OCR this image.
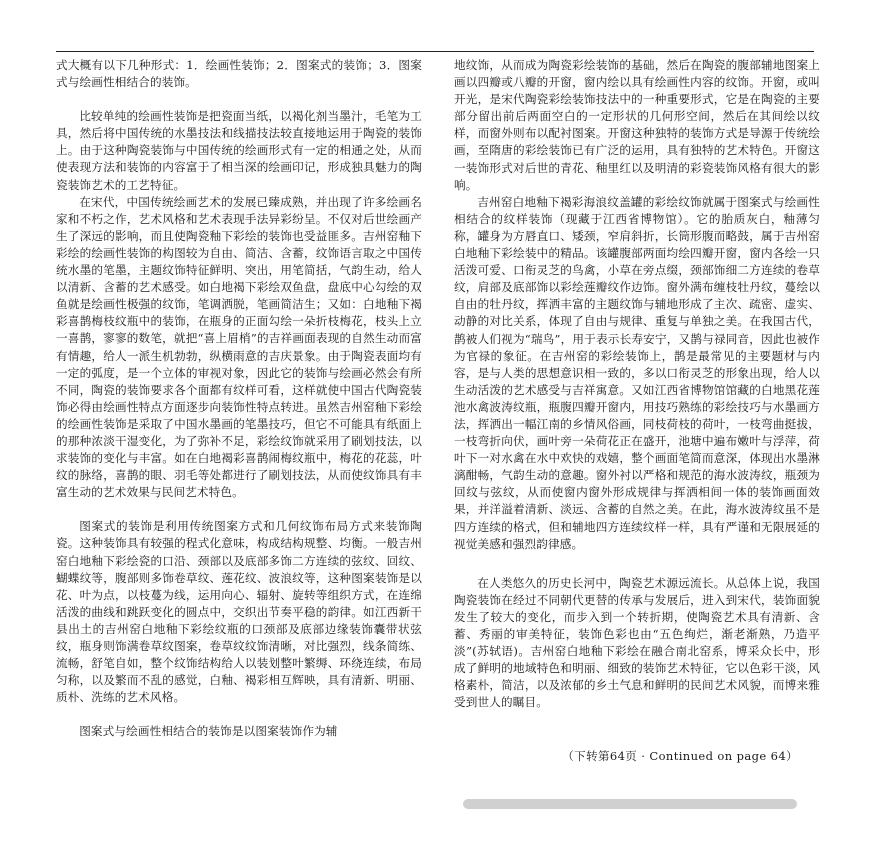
式大概有以下几种形式：1．绘画性装饰；2．图案式的装饰；3．图案式与绘画性相结合的装饰。

比较单纯的绘画性装饰是把瓷面当纸，以褐化剂当墨汁，毛笔为工具，然后将中国传统的水墨技法和线描技法较直接地运用于陶瓷的装饰上。由于这种陶瓷装饰与中国传统的绘画形式有一定的相通之处，从而使表现方法和装饰的内容富于了相当深的绘画印记，形成独具魅力的陶瓷装饰艺术的工艺特征。

在宋代，中国传统绘画艺术的发展已臻成熟，并出现了许多绘画名家和不朽之作，艺术风格和艺术表现手法异彩纷呈。不仅对后世绘画产生了深远的影响，而且使陶瓷釉下彩绘的装饰也受益匪多。吉州窑釉下彩绘的绘画性装饰的构图较为自由、简洁、含蓄，纹饰语言取之中国传统水墨的笔墨，主题纹饰特征鲜明、突出，用笔简括，气韵生动，给人以清新、含蓄的艺术感受。如白地褐下彩绘双鱼盘，盘底中心勾绘的双鱼就是绘画性极强的纹饰，笔调洒脱，笔画简洁生；又如：白地釉下褐彩喜鹊梅枝纹瓶中的装饰，在瓶身的正面勾绘一朵折枝梅花，枝头上立一喜鹊，寥寥的数笔，就把“喜上眉梢”的吉祥画面表现的自然生动而富有情趣，给人一派生机勃勃，纵横雨意的吉庆景象。由于陶瓷表面均有一定的弧度，是一个立体的审视对象，因此它的装饰与绘画必然会有所不同，陶瓷的装饰要求各个面都有纹样可看，这样就使中国古代陶瓷装饰必得由绘画性特点方面逐步向装饰性特点转进。虽然吉州窑釉下彩绘的绘画性装饰是采取了中国水墨画的笔墨技巧，但它不可能具有纸面上的那种浓淡干湿变化，为了弥补不足，彩绘纹饰就采用了刷划技法，以求装饰的变化与丰富。如在白地褐彩喜鹊闹梅纹瓶中，梅花的花蕊，叶纹的脉络，喜鹊的眼、羽毛等处都进行了刷划技法，从而使纹饰具有丰富生动的艺术效果与民间艺术特色。

图案式的装饰是利用传统图案方式和几何纹饰布局方式来装饰陶瓷。这种装饰具有较强的程式化意味，构成结构规整、均衡。一般吉州窑白地釉下彩绘瓷的口沿、颈部以及底部多饰二方连续的弦纹、回纹、蝴蝶纹等，腹部则多饰卷草纹、莲花纹、波浪纹等，这种图案装饰是以花、叶为点，以枝蔓为线，运用向心、辐射、旋转等组织方式，在连绵活泼的曲线和跳跃变化的圆点中，交织出节奏平稳的韵律。如江西新干县出土的吉州窑白地釉下彩绘纹瓶的口颈部及底部边缘装饰囊带状弦纹，瓶身则饰满卷草纹图案，卷草纹纹饰清晰，对比强烈，线条简练、流畅，舒笔自如，整个纹饰结构给人以装划整叶繁缛、环绕连续，布局匀称，以及繁而不乱的感觉，白釉、褐彩相互辉映，具有清新、明丽、质朴、洗练的艺术风格。

图案式与绘画性相结合的装饰是以图案装饰作为辅

地纹饰，从而成为陶瓷彩绘装饰的基础，然后在陶瓷的腹部辅地图案上画以四瓣或八瓣的开窗，窗内绘以具有绘画性内容的纹饰。开窗，或叫开光，是宋代陶瓷彩绘装饰技法中的一种重要形式，它是在陶瓷的主要部分留出前后两面空白的一定形状的几何形空间，然后在其间绘以纹样，而窗外则布以配衬图案。开窗这种独特的装饰方式是导源于传统绘画，至隋唐的彩绘装饰已有广泛的运用，具有独特的艺术特色。开窗这一装饰形式对后世的青花、釉里红以及明清的彩瓷装饰风格有很大的影响。

吉州窑白地釉下褐彩海浪纹盖罐的彩绘纹饰就属于图案式与绘画性相结合的纹样装饰（现藏于江西省博物馆）。它的胎质灰白，釉薄匀称，罐身为方唇直口、矮颈，窄肩斜折，长筒形腹而略鼓，属于吉州窑白地釉下彩绘装中的精品。该罐腹部两面均绘四瓣开窗，窗内各绘一只活泼可爱、口衔灵芝的鸟禽，小草在旁点缀，颈部饰细二方连续的卷草纹，肩部及底部饰以彩绘莲瓣纹作边饰。窗外满布缠枝牡丹纹，蔓绘以自由的牡丹纹，挥洒丰富的主题纹饰与辅地形成了主次、疏密、虚实、动静的对比关系，体现了自由与规律、重复与单独之美。在我国古代，鹊被人们视为“瑞鸟”，用于表示长寿安宁，又鹊与禄同音，因此也被作为官禄的象征。在吉州窑的彩绘装饰上，鹊是最常见的主要题材与内容，是与人类的思想意识相一致的，多以口衔灵芝的形象出现，给人以生动活泼的艺术感受与吉祥寓意。又如江西省博物馆馆藏的白地黑花莲池水禽波涛纹瓶，瓶腹四瓣开窗内，用技巧熟练的彩绘技巧与水墨画方法，挥洒出一幅江南的乡情风俗画，同枝荷枝的荷叶，一枝弯曲挺拔，一枝弯折向伏，画叶旁一朵荷花正在盛开，池塘中遍布嫩叶与浮萍，荷叶下一对水禽在水中欢快的戏嬉，整个画面笔简而意深，体现出水墨淋漓酣畅，气韵生动的意趣。窗外衬以严格和规范的海水波涛纹，瓶颈为回纹与弦纹，从而使窗内窗外形成规律与挥洒相间一体的装饰画面效果，并洋溢着清新、淡远、含蓄的自然之美。在此，海水波涛纹虽不是四方连续的格式，但和辅地四方连续纹样一样，具有严谨和无限展延的视觉美感和强烈韵律感。

在人类悠久的历史长河中，陶瓷艺术源远流长。从总体上说，我国陶瓷装饰在经过不同朝代更替的传承与发展后，进入到宋代，装饰面貌发生了较大的变化，而步入到一个转折期，使陶瓷艺术具有清新、含蓄、秀丽的审美特征，装饰色彩也由“五色绚烂，渐老渐熟，乃造平淡”(苏轼语)。吉州窑白地釉下彩绘在融合南北窑系，博采众长中，形成了鲜明的地域特色和明丽、细致的装饰艺术特征，它以色彩干淡，风格素朴，简洁，以及浓郁的乡土气息和鲜明的民间艺术风貌，而博来雅受到世人的瞩目。

（下转第64页 · Continued on page 64）
